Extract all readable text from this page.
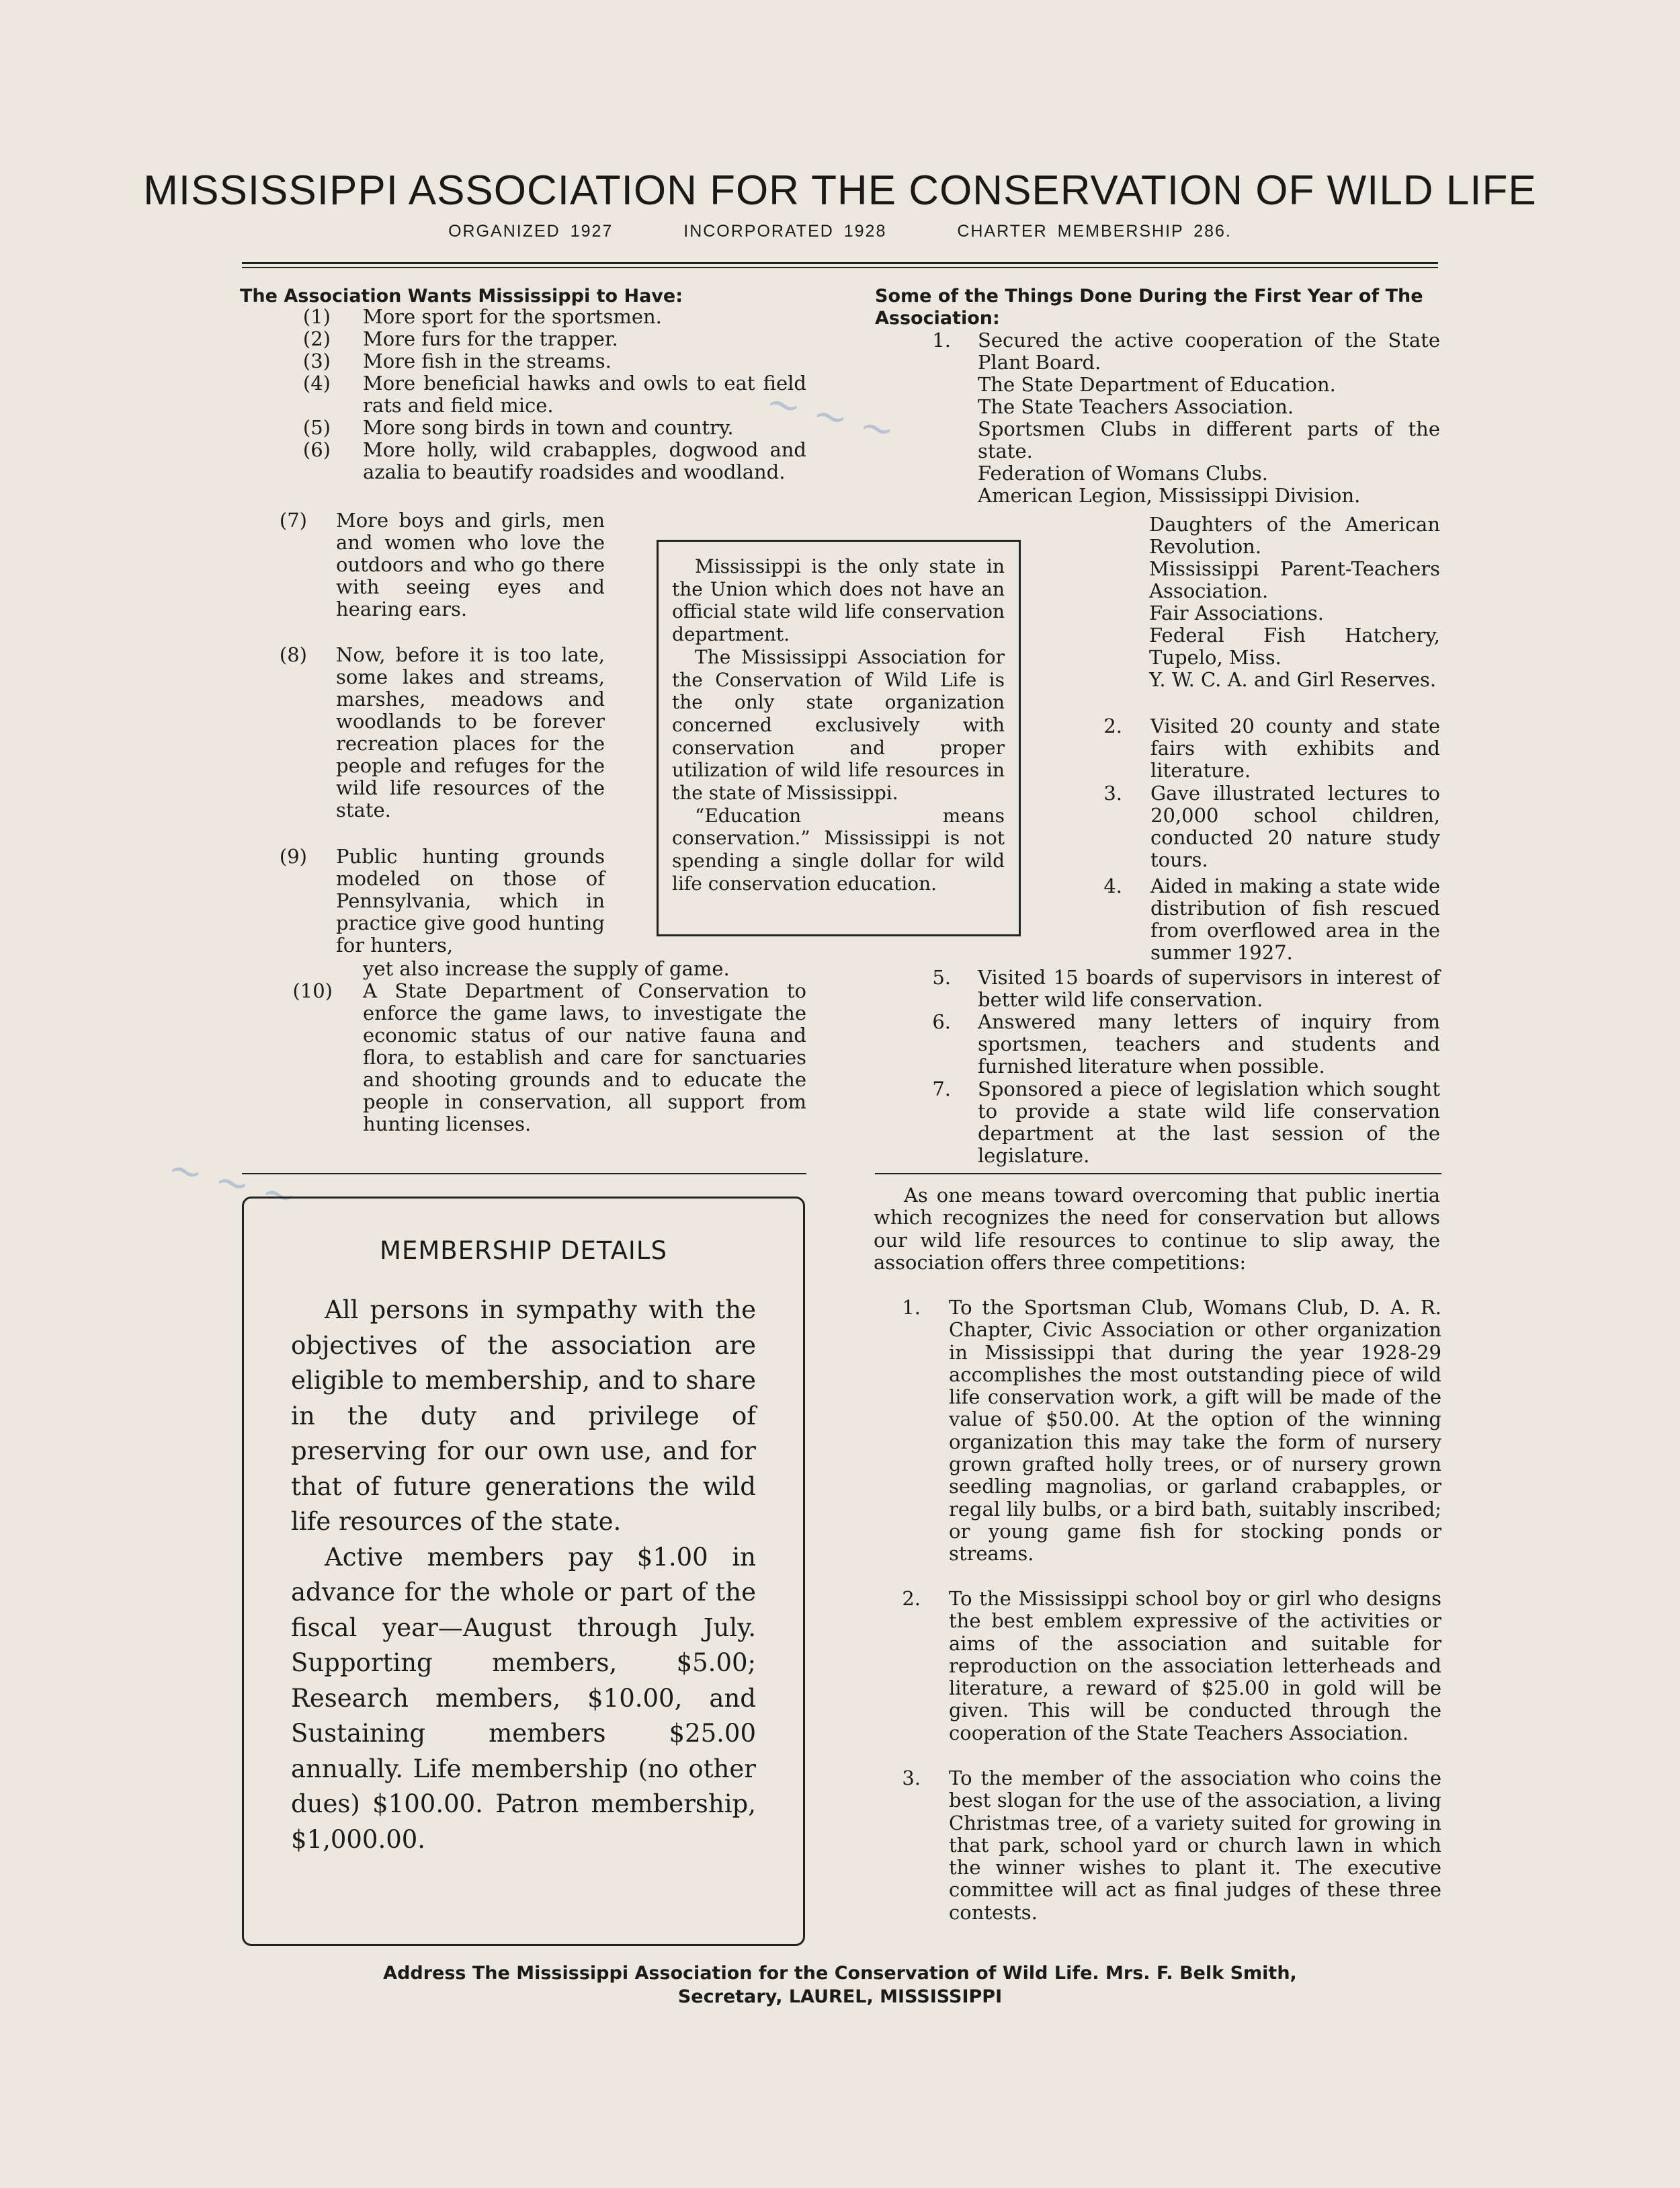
~ ~ ~
~ ~ ~
MISSISSIPPI ASSOCIATION FOR THE CONSERVATION OF WILD LIFE
ORGANIZED 1927	INCORPORATED 1928	CHARTER MEMBERSHIP 286.
The Association Wants Mississippi to Have:
(1) More sport for the sportsmen.
(2) More furs for the trapper.
(3) More fish in the streams.
(4) More beneficial hawks and owls to eat field rats and field mice.
(5) More song birds in town and country.
(6) More holly, wild crabapples, dogwood and azalia to beautify roadsides and woodland.
(7) More boys and girls, men and women who love the outdoors and who go there with seeing eyes and hearing ears.
(8) Now, before it is too late, some lakes and streams, marshes, meadows and woodlands to be forever recreation places for the people and refuges for the wild life resources of the state.
(9) Public hunting grounds modeled on those of Pennsylvania, which in practice give good hunting for hunters,
yet also increase the supply of game.
(10) A State Department of Conservation to enforce the game laws, to investigate the economic status of our native fauna and flora, to establish and care for sanctuaries and shooting grounds and to educate the people in conservation, all support from hunting licenses.

Mississippi is the only state in the Union which does not have an official state wild life conservation department.

The Mississippi Association for the Conservation of Wild Life is the only state organization concerned exclusively with conservation and proper utilization of wild life resources in the state of Mississippi.

“Education means conservation.” Mississippi is not spending a single dollar for wild life conservation education.

Some of the Things Done During the First Year of The Association:
1. Secured the active cooperation of the State Plant Board.
The State Department of Education.
The State Teachers Association.
Sportsmen Clubs in different parts of the state.
Federation of Womans Clubs.
American Legion, Mississippi Division.
Daughters of the American Revolution.
Mississippi Parent-Teachers Association.
Fair Associations.
Federal Fish Hatchery, Tupelo, Miss.
Y. W. C. A. and Girl Reserves.
2. Visited 20 county and state fairs with exhibits and literature.
3. Gave illustrated lectures to 20,000 school children, conducted 20 nature study tours.
4. Aided in making a state wide distribution of fish rescued from overflowed area in the summer 1927.
5. Visited 15 boards of supervisors in interest of better wild life conservation.
6. Answered many letters of inquiry from sportsmen, teachers and students and furnished literature when possible.
7. Sponsored a piece of legislation which sought to provide a state wild life conservation department at the last session of the legislature.
MEMBERSHIP DETAILS
All persons in sympathy with the objectives of the association are eligible to membership, and to share in the duty and privilege of preserving for our own use, and for that of future generations the wild life resources of the state.
Active members pay $1.00 in advance for the whole or part of the fiscal year—August through July. Supporting members, $5.00; Research members, $10.00, and Sustaining members $25.00 annually. Life membership (no other dues) $100.00. Patron membership, $1,000.00.
As one means toward overcoming that public inertia which recognizes the need for conservation but allows our wild life resources to continue to slip away, the association offers three competitions:
1. To the Sportsman Club, Womans Club, D. A. R. Chapter, Civic Association or other organization in Mississippi that during the year 1928-29 accomplishes the most outstanding piece of wild life conservation work, a gift will be made of the value of $50.00. At the option of the winning organization this may take the form of nursery grown grafted holly trees, or of nursery grown seedling magnolias, or garland crabapples, or regal lily bulbs, or a bird bath, suitably inscribed; or young game fish for stocking ponds or streams.
2. To the Mississippi school boy or girl who designs the best emblem expressive of the activities or aims of the association and suitable for reproduction on the association letterheads and literature, a reward of $25.00 in gold will be given. This will be conducted through the cooperation of the State Teachers Association.
3. To the member of the association who coins the best slogan for the use of the association, a living Christmas tree, of a variety suited for growing in that park, school yard or church lawn in which the winner wishes to plant it. The executive committee will act as final judges of these three contests.
Address The Mississippi Association for the Conservation of Wild Life. Mrs. F. Belk Smith,
Secretary, LAUREL, MISSISSIPPI
